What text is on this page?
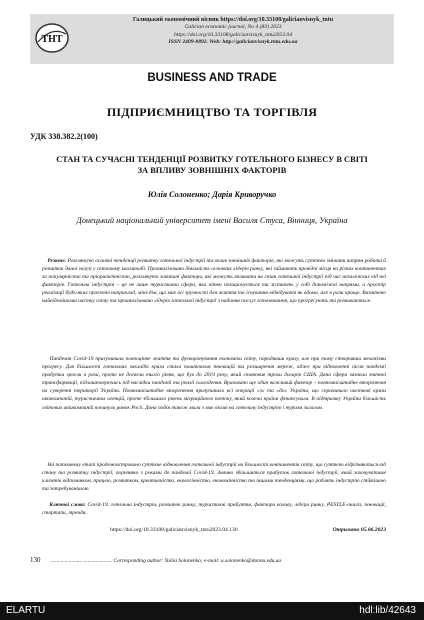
ТНТ
Галицький економічний вісник https://doi.org/10.33108/galicianvisnyk_tntu
Galician economic journal, No 4 (83) 2023
https://doi.org/10.33108/galicianvisnyk_tntu2023.04
ISSN 2409-8892. Web: http://galicianvisnyk.tntu.edu.ua
BUSINESS AND TRADE
ПІДПРИЄМНИЦТВО ТА ТОРГІВЛЯ
УДК 338.382.2(100)
СТАН ТА СУЧАСНІ ТЕНДЕНЦІЇ РОЗВИТКУ ГОТЕЛЬНОГО БІЗНЕСУ В СВІТІ ЗА ВПЛИВУ ЗОВНІШНІХ ФАКТОРІВ
Юлія Солоненко; Дарія Криворучко
Донецький національний університет імені Василя Стуса, Вінниця, Україна
Резюме. Розглянуто основні тенденції розвитку готельної індустрії та вплив зовнішніх факторів, які можуть суттєво змінити напрям роботи й розвиток даної галузі у світовому масштабі. Проаналізовано діяльність основних лідерів ринку, які займають провідні місця на різних континентах за популярністю та пріоритетністю, розглянуто зовнішні фактори, які можуть впливати на стан готельної індустрії під час незалежних від неї факторів. Готельна індустрія – це не лише туристична сфера, яка чітко позиціонується та зістають у собі допоміжні напрями, а простір реалізації будь-яких проєктів наприклад, міні-дім, що має всі зручності для життя та існування відвідувачів як вдома, але в рази краще. Визначено найвідомішими частку світу та проаналізовано лідерів готельної індустрії з надання послуг готелювання, що прогресують та розвиваються.
Пандемія Covid-19 призупинила повноцінне життя та функціонування економіки світу, породивши кризу, але при тому створивши механізми прогресу. Для більшості готельних закладів криза стала поштовхом інновацій та розширення мереж, адже при відновленні після пандемії прибутки зросли в рази, проте не досягли тього рівня, що був до 2019 року, який становив трохи доларів США. Дана сфера зазнала значної трансформації, підлаштовуючись під наслідки пандемії та реалії сьогодення. Враховано ще один важливий фактор – повномасштабне вторгнення на суверенні території України. Повномасштабне вторгнення призупинило всі операції «з» та «до» України, що спричинило часткові кризи авіакомпаній, туристичних агенцій, проте збільшило рівень міграційного потоку, який кожна країна фінансувала. В підтримку України більшість світових авіакомпаній покинули ринок Росії. Дана подія також мала з має вплив на готельну індустрію і туризм загалом.
На поточному етапі продемонстровано суттєве відновлення готельної індустрії на більшості континентів світу, що суттєво відрізняються від стану та розвитку індустрії, порівняно з роками до пандемії Covid-19. Значно збільшиться прибуток готельної індустрії, який захочуватиме клієнтів відпочинком, працею, розвитком, креативністю, екологічністю, економічністю та іншими тенденціями, що роблять індустрію стійкішою та затребуванішою.
Ключові слова: Covid-19, готельна індустрія, розвиток ринку, туристичні прибуття, фактори впливу, лідери ринку, PESTLE-аналіз, інновації, стартапи, тренди.
https://doi.org/10.33108/galicianvisnyk_tntu2023.04.130	Отримано 05.06.2023
130 .............................................. Corresponding author: Yuliia Solonenko; e-mail: u.solonenko@donnu.edu.ua
ELARTU	hdl:lib/42643
